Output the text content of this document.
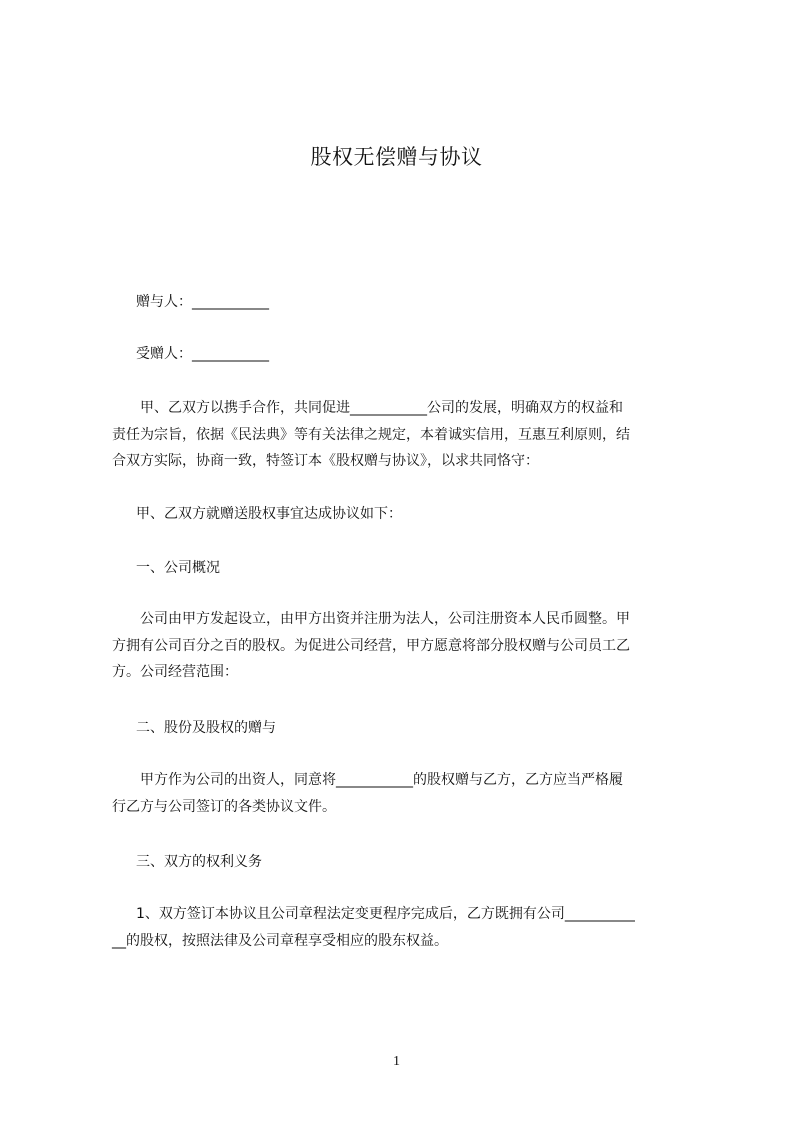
股权无偿赠与协议
赠与人：___________
受赠人：___________
甲、乙双方以携手合作，共同促进___________公司的发展，明确双方的权益和
责任为宗旨，依据《民法典》等有关法律之规定，本着诚实信用，互惠互利原则，结
合双方实际，协商一致，特签订本《股权赠与协议》，以求共同恪守：
甲、乙双方就赠送股权事宜达成协议如下：
一、公司概况
公司由甲方发起设立，由甲方出资并注册为法人，公司注册资本人民币圆整。甲
方拥有公司百分之百的股权。为促进公司经营，甲方愿意将部分股权赠与公司员工乙
方。公司经营范围：
二、股份及股权的赠与
甲方作为公司的出资人，同意将___________的股权赠与乙方，乙方应当严格履
行乙方与公司签订的各类协议文件。
三、双方的权利义务
1、双方签订本协议且公司章程法定变更程序完成后，乙方既拥有公司__________
__的股权，按照法律及公司章程享受相应的股东权益。
1
